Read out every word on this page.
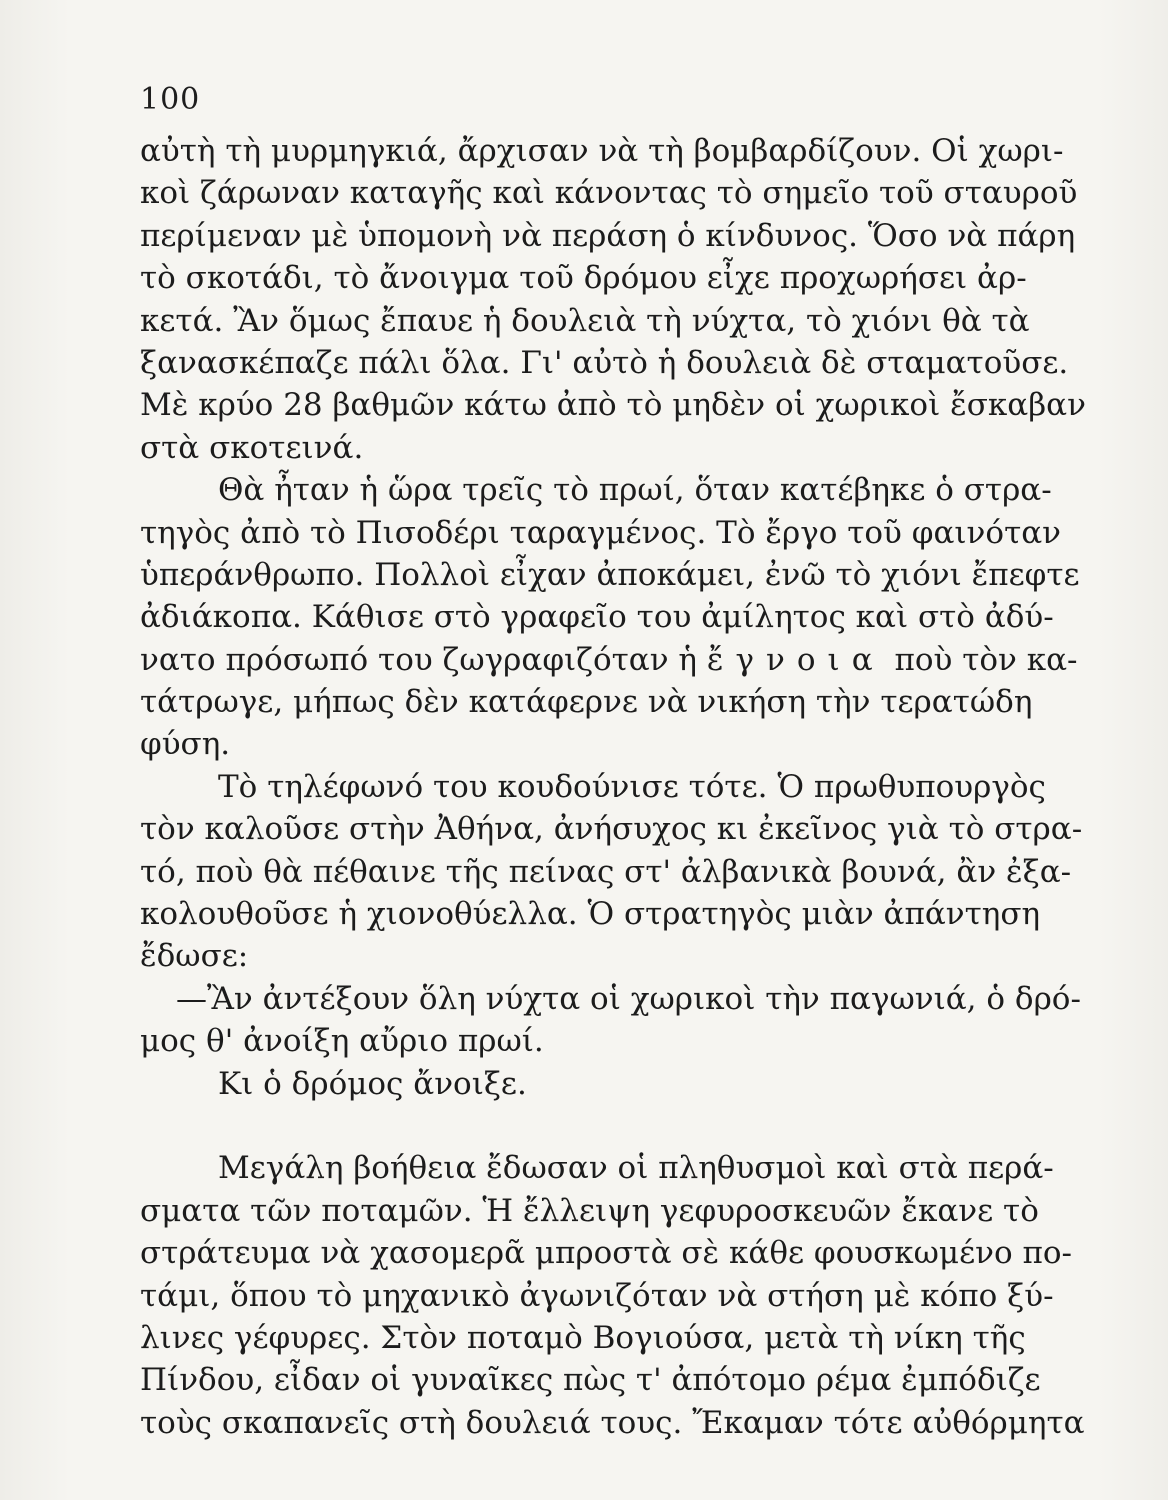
100
αὐτὴ τὴ μυρμηγκιά, ἄρχισαν νὰ τὴ βομβαρδίζουν. Οἱ χωρι-
κοὶ ζάρωναν καταγῆς καὶ κάνοντας τὸ σημεῖο τοῦ σταυροῦ
περίμεναν μὲ ὑπομονὴ νὰ περάση ὁ κίνδυνος. Ὅσο νὰ πάρη
τὸ σκοτάδι, τὸ ἄνοιγμα τοῦ δρόμου εἶχε προχωρήσει ἀρ-
κετά. Ἂν ὅμως ἔπαυε ἡ δουλειὰ τὴ νύχτα, τὸ χιόνι θὰ τὰ
ξανασκέπαζε πάλι ὅλα. Γι' αὐτὸ ἡ δουλειὰ δὲ σταματοῦσε.
Μὲ κρύο 28 βαθμῶν κάτω ἀπὸ τὸ μηδὲν οἱ χωρικοὶ ἔσκαβαν
στὰ σκοτεινά.
Θὰ ἦταν ἡ ὥρα τρεῖς τὸ πρωί, ὅταν κατέβηκε ὁ στρα-
τηγὸς ἀπὸ τὸ Πισοδέρι ταραγμένος. Τὸ ἔργο τοῦ φαινόταν
ὑπεράνθρωπο. Πολλοὶ εἶχαν ἀποκάμει, ἐνῶ τὸ χιόνι ἔπεφτε
ἀδιάκοπα. Κάθισε στὸ γραφεῖο του ἀμίλητος καὶ στὸ ἀδύ-
νατο πρόσωπό του ζωγραφιζόταν ἡ ἔγνοια ποὺ τὸν κα-
τάτρωγε, μήπως δὲν κατάφερνε νὰ νικήση τὴν τερατώδη
φύση.
Τὸ τηλέφωνό του κουδούνισε τότε. Ὁ πρωθυπουργὸς
τὸν καλοῦσε στὴν Ἀθήνα, ἀνήσυχος κι ἐκεῖνος γιὰ τὸ στρα-
τό, ποὺ θὰ πέθαινε τῆς πείνας στ' ἀλβανικὰ βουνά, ἂν ἐξα-
κολουθοῦσε ἡ χιονοθύελλα. Ὁ στρατηγὸς μιὰν ἀπάντηση
ἔδωσε:
—Ἂν ἀντέξουν ὅλη νύχτα οἱ χωρικοὶ τὴν παγωνιά, ὁ δρό-
μος θ' ἀνοίξη αὔριο πρωί.
Κι ὁ δρόμος ἄνοιξε.
Μεγάλη βοήθεια ἔδωσαν οἱ πληθυσμοὶ καὶ στὰ περά-
σματα τῶν ποταμῶν. Ἡ ἔλλειψη γεφυροσκευῶν ἔκανε τὸ
στράτευμα νὰ χασομερᾶ μπροστὰ σὲ κάθε φουσκωμένο πο-
τάμι, ὅπου τὸ μηχανικὸ ἀγωνιζόταν νὰ στήση μὲ κόπο ξύ-
λινες γέφυρες. Στὸν ποταμὸ Βογιούσα, μετὰ τὴ νίκη τῆς
Πίνδου, εἶδαν οἱ γυναῖκες πὼς τ' ἀπότομο ρέμα ἐμπόδιζε
τοὺς σκαπανεῖς στὴ δουλειά τους. Ἔκαμαν τότε αὐθόρμητα
